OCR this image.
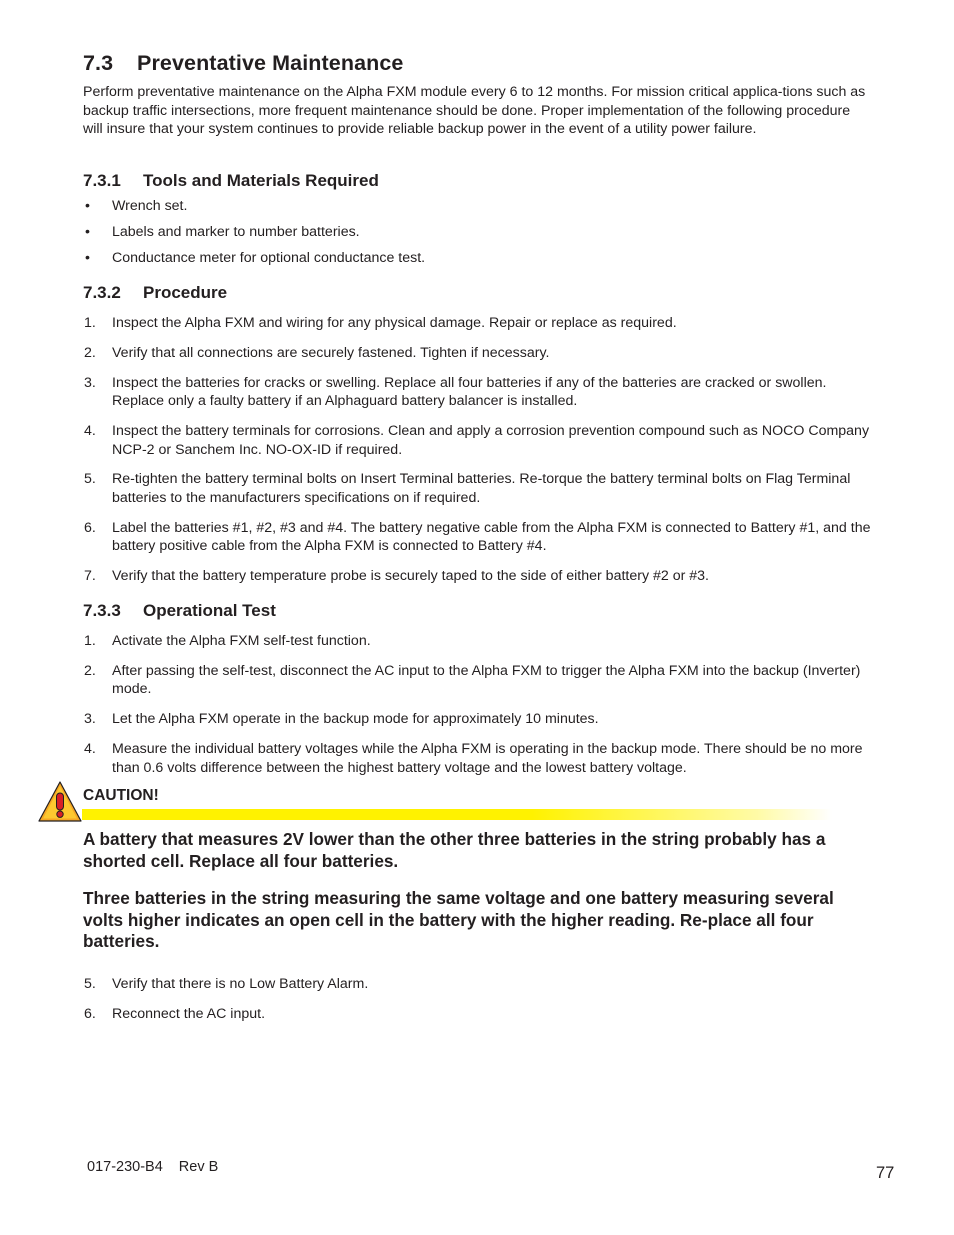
7.3 Preventative Maintenance

Perform preventative maintenance on the Alpha FXM module every 6 to 12 months. For mission critical applica-tions such as backup traffic intersections, more frequent maintenance should be done. Proper implementation of the following procedure will insure that your system continues to provide reliable backup power in the event of a utility power failure.

7.3.1 Tools and Materials Required
• Wrench set.
• Labels and marker to number batteries.
• Conductance meter for optional conductance test.
7.3.2 Procedure
1. Inspect the Alpha FXM and wiring for any physical damage. Repair or replace as required.
2. Verify that all connections are securely fastened. Tighten if necessary.
3. Inspect the batteries for cracks or swelling. Replace all four batteries if any of the batteries are cracked or swollen. Replace only a faulty battery if an Alphaguard battery balancer is installed.
4. Inspect the battery terminals for corrosions. Clean and apply a corrosion prevention compound such as NOCO Company NCP-2 or Sanchem Inc. NO-OX-ID if required.
5. Re-tighten the battery terminal bolts on Insert Terminal batteries. Re-torque the battery terminal bolts on Flag Terminal batteries to the manufacturers specifications on if required.
6. Label the batteries #1, #2, #3 and #4. The battery negative cable from the Alpha FXM is connected to Battery #1, and the battery positive cable from the Alpha FXM is connected to Battery #4.
7. Verify that the battery temperature probe is securely taped to the side of either battery #2 or #3.
7.3.3 Operational Test
1. Activate the Alpha FXM self-test function.
2. After passing the self-test, disconnect the AC input to the Alpha FXM to trigger the Alpha FXM into the backup (Inverter) mode.
3. Let the Alpha FXM operate in the backup mode for approximately 10 minutes.
4. Measure the individual battery voltages while the Alpha FXM is operating in the backup mode. There should be no more than 0.6 volts difference between the highest battery voltage and the lowest battery voltage.
CAUTION!

A battery that measures 2V lower than the other three batteries in the string probably has a shorted cell. Replace all four batteries.

Three batteries in the string measuring the same voltage and one battery measuring several volts higher indicates an open cell in the battery with the higher reading. Re-place all four batteries.

5. Verify that there is no Low Battery Alarm.
6. Reconnect the AC input.
017-230-B4 Rev B	77
